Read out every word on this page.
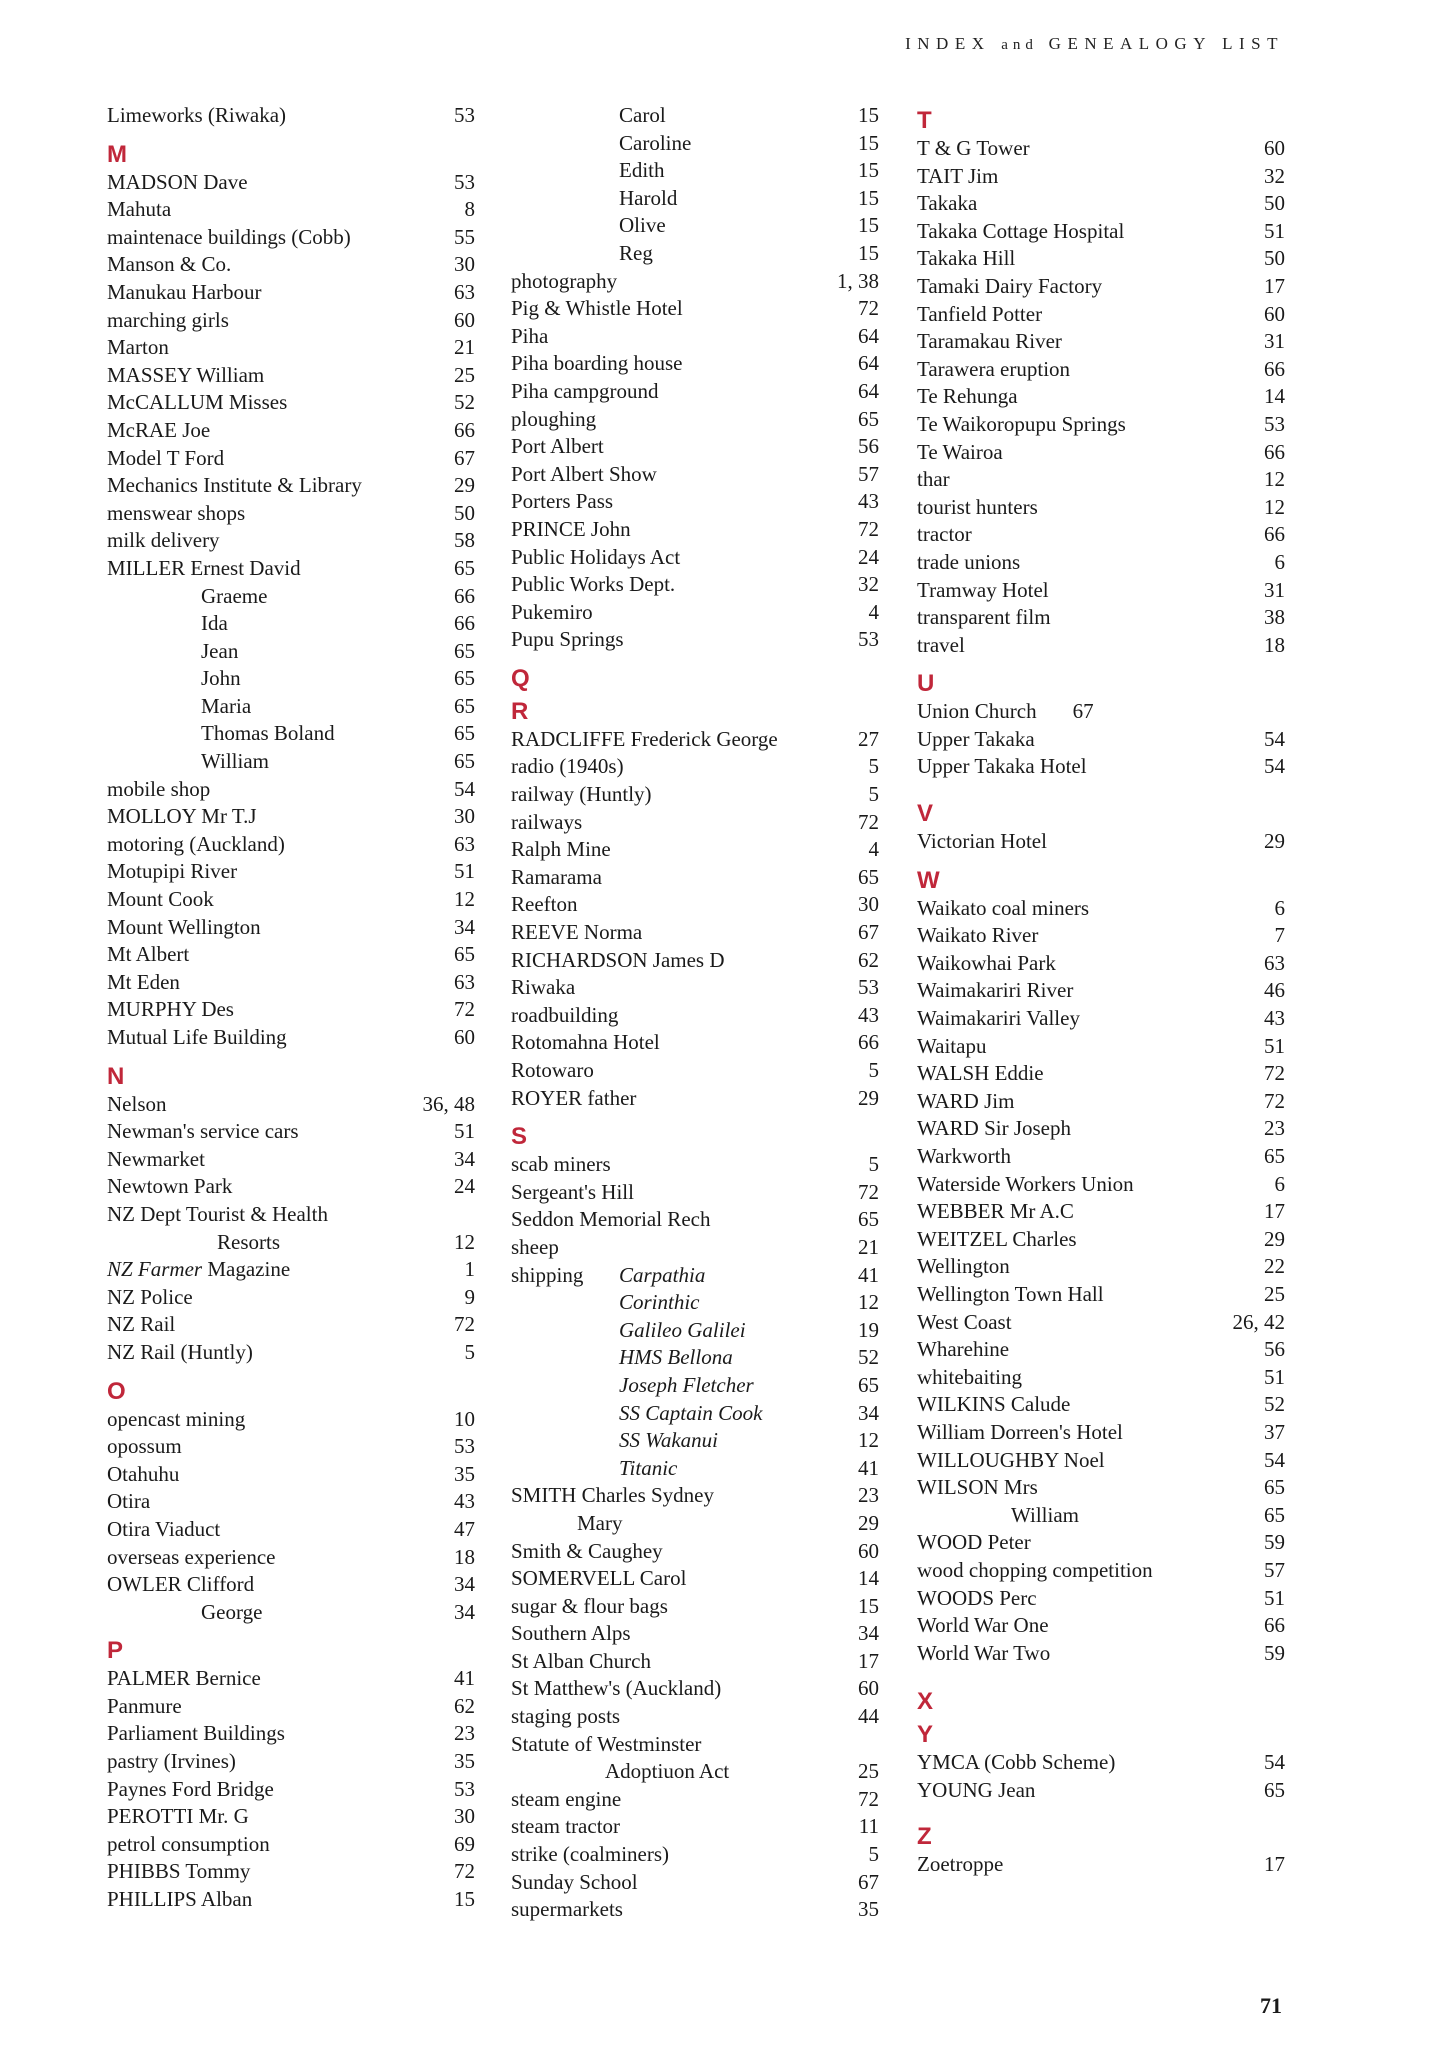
INDEX and GENEALOGY LIST
Limeworks (Riwaka)	53
M
MADSON Dave	53
Mahuta	8
maintenace buildings (Cobb)	55
Manson & Co.	30
Manukau Harbour	63
marching girls	60
Marton	21
MASSEY William	25
McCALLUM Misses	52
McRAE Joe	66
Model T Ford	67
Mechanics Institute & Library	29
menswear shops	50
milk delivery	58
MILLER Ernest David	65
Graeme	66
Ida	66
Jean	65
John	65
Maria	65
Thomas Boland	65
William	65
mobile shop	54
MOLLOY Mr T.J	30
motoring (Auckland)	63
Motupipi River	51
Mount Cook	12
Mount Wellington	34
Mt Albert	65
Mt Eden	63
MURPHY Des	72
Mutual Life Building	60
N
Nelson	36, 48
Newman's service cars	51
Newmarket	34
Newtown Park	24
NZ Dept Tourist & Health
Resorts	12
NZ Farmer Magazine	1
NZ Police	9
NZ Rail	72
NZ Rail (Huntly)	5
O
opencast mining	10
opossum	53
Otahuhu	35
Otira	43
Otira Viaduct	47
overseas experience	18
OWLER Clifford	34
George	34
P
PALMER Bernice	41
Panmure	62
Parliament Buildings	23
pastry (Irvines)	35
Paynes Ford Bridge	53
PEROTTI Mr. G	30
petrol consumption	69
PHIBBS Tommy	72
PHILLIPS Alban	15
Carol	15
Caroline	15
Edith	15
Harold	15
Olive	15
Reg	15
photography	1, 38
Pig & Whistle Hotel	72
Piha	64
Piha boarding house	64
Piha campground	64
ploughing	65
Port Albert	56
Port Albert Show	57
Porters Pass	43
PRINCE John	72
Public Holidays Act	24
Public Works Dept.	32
Pukemiro	4
Pupu Springs	53
Q
R
RADCLIFFE Frederick George	27
radio (1940s)	5
railway (Huntly)	5
railways	72
Ralph Mine	4
Ramarama	65
Reefton	30
REEVE Norma	67
RICHARDSON James D	62
Riwaka	53
roadbuilding	43
Rotomahna Hotel	66
Rotowaro	5
ROYER father	29
S
scab miners	5
Sergeant's Hill	72
Seddon Memorial Rech	65
sheep	21
shipping Carpathia	41
Corinthic	12
Galileo Galilei	19
HMS Bellona	52
Joseph Fletcher	65
SS Captain Cook	34
SS Wakanui	12
Titanic	41
SMITH Charles Sydney	23
Mary	29
Smith & Caughey	60
SOMERVELL Carol	14
sugar & flour bags	15
Southern Alps	34
St Alban Church	17
St Matthew's (Auckland)	60
staging posts	44
Statute of Westminster
Adoptiuon Act	25
steam engine	72
steam tractor	11
strike (coalminers)	5
Sunday School	67
supermarkets	35
T
T & G Tower	60
TAIT Jim	32
Takaka	50
Takaka Cottage Hospital	51
Takaka Hill	50
Tamaki Dairy Factory	17
Tanfield Potter	60
Taramakau River	31
Tarawera eruption	66
Te Rehunga	14
Te Waikoropupu Springs	53
Te Wairoa	66
thar	12
tourist hunters	12
tractor	66
trade unions	6
Tramway Hotel	31
transparent film	38
travel	18
U
Union Church	67
Upper Takaka	54
Upper Takaka Hotel	54
V
Victorian Hotel	29
W
Waikato coal miners	6
Waikato River	7
Waikowhai Park	63
Waimakariri River	46
Waimakariri Valley	43
Waitapu	51
WALSH Eddie	72
WARD Jim	72
WARD Sir Joseph	23
Warkworth	65
Waterside Workers Union	6
WEBBER Mr A.C	17
WEITZEL Charles	29
Wellington	22
Wellington Town Hall	25
West Coast	26, 42
Wharehine	56
whitebaiting	51
WILKINS Calude	52
William Dorreen's Hotel	37
WILLOUGHBY Noel	54
WILSON Mrs	65
William	65
WOOD Peter	59
wood chopping competition	57
WOODS Perc	51
World War One	66
World War Two	59
X
Y
YMCA (Cobb Scheme)	54
YOUNG Jean	65
Z
Zoetroppe	17
71
